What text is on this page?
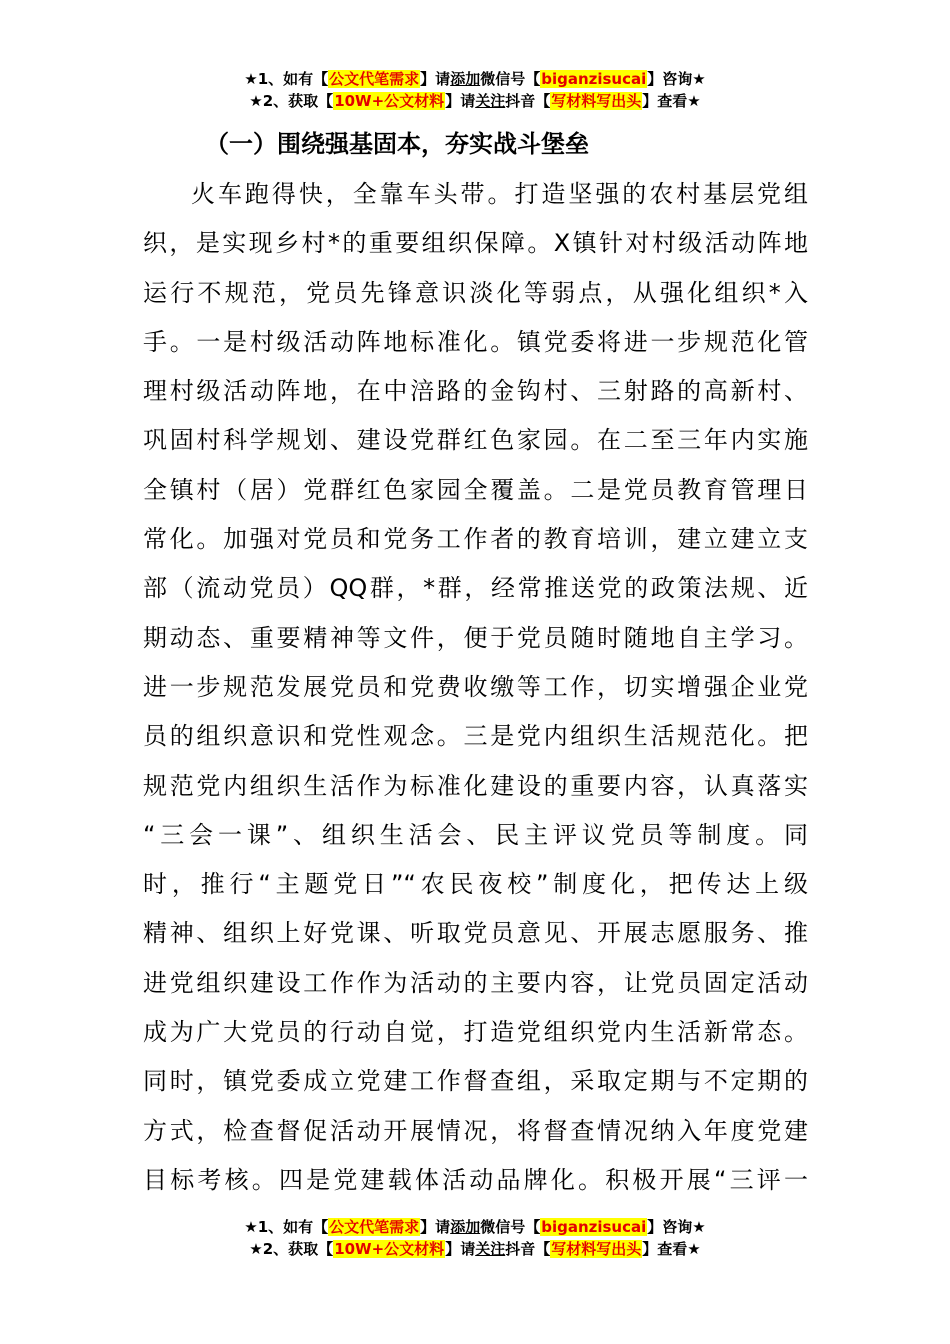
★1、如有【公文代笔需求】请添加微信号【biganzisucai】咨询★
★2、获取【10W+公文材料】请关注抖音【写材料写出头】查看★
（一）围绕强基固本，夯实战斗堡垒
火车跑得快，全靠车头带。打造坚强的农村基层党组
织，是实现乡村*的重要组织保障。X镇针对村级活动阵地
运行不规范，党员先锋意识淡化等弱点，从强化组织*入
手。一是村级活动阵地标准化。镇党委将进一步规范化管
理村级活动阵地，在中涪路的金钩村、三射路的高新村、
巩固村科学规划、建设党群红色家园。在二至三年内实施
全镇村（居）党群红色家园全覆盖。二是党员教育管理日
常化。加强对党员和党务工作者的教育培训，建立建立支
部（流动党员）QQ群，*群，经常推送党的政策法规、近
期动态、重要精神等文件，便于党员随时随地自主学习。
进一步规范发展党员和党费收缴等工作，切实增强企业党
员的组织意识和党性观念。三是党内组织生活规范化。把
规范党内组织生活作为标准化建设的重要内容，认真落实
“三会一课”、组织生活会、民主评议党员等制度。同
时，推行“主题党日”“农民夜校”制度化，把传达上级
精神、组织上好党课、听取党员意见、开展志愿服务、推
进党组织建设工作作为活动的主要内容，让党员固定活动
成为广大党员的行动自觉，打造党组织党内生活新常态。
同时，镇党委成立党建工作督查组，采取定期与不定期的
方式，检查督促活动开展情况，将督查情况纳入年度党建
目标考核。四是党建载体活动品牌化。积极开展“三评一
★1、如有【公文代笔需求】请添加微信号【biganzisucai】咨询★
★2、获取【10W+公文材料】请关注抖音【写材料写出头】查看★
